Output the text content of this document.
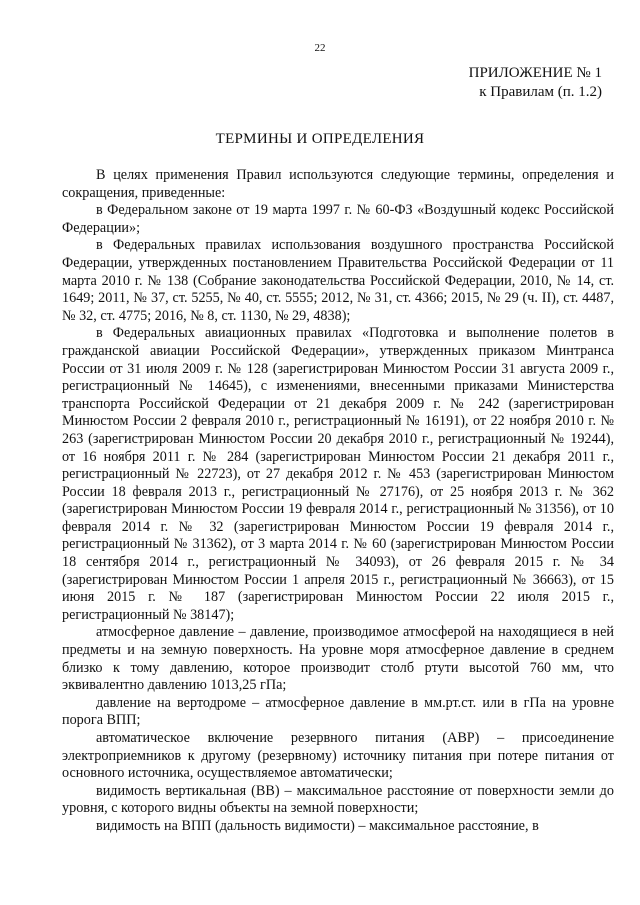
22
ПРИЛОЖЕНИЕ № 1
к Правилам (п. 1.2)
ТЕРМИНЫ И ОПРЕДЕЛЕНИЯ

В целях применения Правил используются следующие термины, определения и сокращения, приведенные:

в Федеральном законе от 19 марта 1997 г. № 60-ФЗ «Воздушный кодекс Российской Федерации»;

в Федеральных правилах использования воздушного пространства Российской Федерации, утвержденных постановлением Правительства Российской Федерации от 11 марта 2010 г. № 138 (Собрание законодательства Российской Федерации, 2010, № 14, ст. 1649; 2011, № 37, ст. 5255, № 40, ст. 5555; 2012, № 31, ст. 4366; 2015, № 29 (ч. II), ст. 4487, № 32, ст. 4775; 2016, № 8, ст. 1130, № 29, 4838);

в Федеральных авиационных правилах «Подготовка и выполнение полетов в гражданской авиации Российской Федерации», утвержденных приказом Минтранса России от 31 июля 2009 г. № 128 (зарегистрирован Минюстом России 31 августа 2009 г., регистрационный № 14645), с изменениями, внесенными приказами Министерства транспорта Российской Федерации от 21 декабря 2009 г. № 242 (зарегистрирован Минюстом России 2 февраля 2010 г., регистрационный № 16191), от 22 ноября 2010 г. № 263 (зарегистрирован Минюстом России 20 декабря 2010 г., регистрационный № 19244), от 16 ноября 2011 г. № 284 (зарегистрирован Минюстом России 21 декабря 2011 г., регистрационный № 22723), от 27 декабря 2012 г. № 453 (зарегистрирован Минюстом России 18 февраля 2013 г., регистрационный № 27176), от 25 ноября 2013 г. № 362 (зарегистрирован Минюстом России 19 февраля 2014 г., регистрационный № 31356), от 10 февраля 2014 г. № 32 (зарегистрирован Минюстом России 19 февраля 2014 г., регистрационный № 31362), от 3 марта 2014 г. № 60 (зарегистрирован Минюстом России 18 сентября 2014 г., регистрационный № 34093), от 26 февраля 2015 г. № 34 (зарегистрирован Минюстом России 1 апреля 2015 г., регистрационный № 36663), от 15 июня 2015 г. № 187 (зарегистрирован Минюстом России 22 июля 2015 г., регистрационный № 38147);

атмосферное давление – давление, производимое атмосферой на находящиеся в ней предметы и на земную поверхность. На уровне моря атмосферное давление в среднем близко к тому давлению, которое производит столб ртути высотой 760 мм, что эквивалентно давлению 1013,25 гПа;

давление на вертодроме – атмосферное давление в мм.рт.ст. или в гПа на уровне порога ВПП;

автоматическое включение резервного питания (АВР) – присоединение электроприемников к другому (резервному) источнику питания при потере питания от основного источника, осуществляемое автоматически;

видимость вертикальная (ВВ) – максимальное расстояние от поверхности земли до уровня, с которого видны объекты на земной поверхности;

видимость на ВПП (дальность видимости) – максимальное расстояние, в
